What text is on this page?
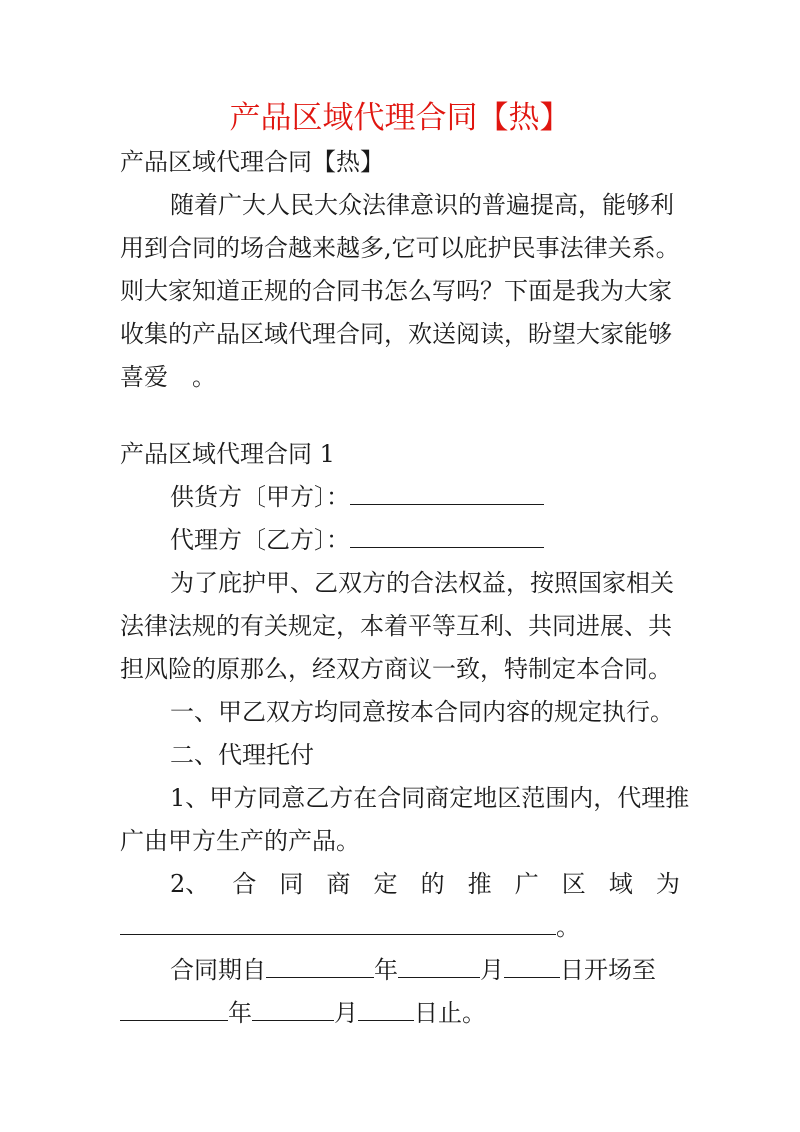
产品区域代理合同【热】
产品区域代理合同【热】
随着广大人民大众法律意识的普遍提高，能够利
用到合同的场合越来越多,它可以庇护民事法律关系。
则大家知道正规的合同书怎么写吗？下面是我为大家
收集的产品区域代理合同，欢送阅读，盼望大家能够
喜爱　。
产品区域代理合同 1
供货方〔甲方〕：
代理方〔乙方〕：
为了庇护甲、乙双方的合法权益，按照国家相关
法律法规的有关规定，本着平等互利、共同进展、共
担风险的原那么，经双方商议一致，特制定本合同。
一、甲乙双方均同意按本合同内容的规定执行。
二、代理托付
1、甲方同意乙方在合同商定地区范围内，代理推
广由甲方生产的产品。
2、 合 同 商 定 的 推 广 区 域 为
。
合同期自	年	月 日开场至
年	月 日止。
